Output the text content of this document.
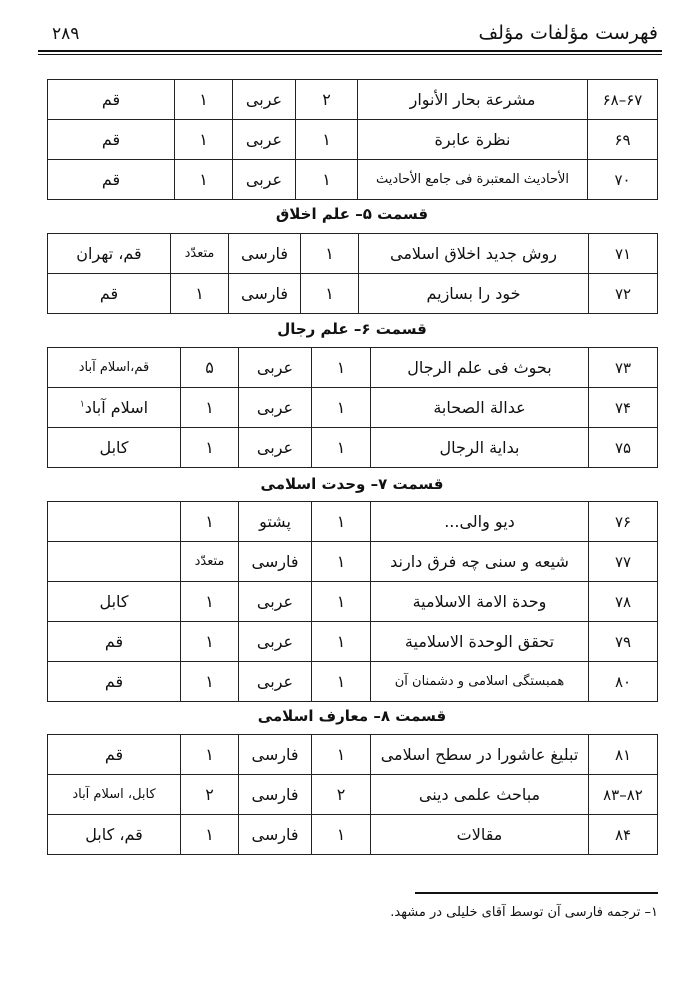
فهرست مؤلفات مؤلف
۲۸۹
۶۷–۶۸	مشرعة بحار الأنوار	۲	عربی	۱	قم
۶۹	نظرة عابرة	۱	عربی	۱	قم
۷۰	الأحاديث المعتبرة فی جامع الأحاديث	۱	عربی	۱	قم
قسمت ۵– علم اخلاق
۷۱	روش جدید اخلاق اسلامی	۱	فارسی	متعدّد	قم، تهران
۷۲	خود را بسازیم	۱	فارسی	۱	قم
قسمت ۶– علم رجال
۷۳	بحوث فی علم الرجال	۱	عربی	۵	قم،اسلام آباد
۷۴	عدالة الصحابة	۱	عربی	۱	اسلام آباد$^۱$
۷۵	بداية الرجال	۱	عربی	۱	کابل
قسمت ۷– وحدت اسلامی
۷۶	دیو والی...	۱	پشتو	۱	
۷۷	شیعه و سنی چه فرق دارند	۱	فارسی	متعدّد	
۷۸	وحدة الامة الاسلامية	۱	عربی	۱	کابل
۷۹	تحقق الوحدة الاسلامية	۱	عربی	۱	قم
۸۰	همبستگی اسلامی و دشمنان آن	۱	عربی	۱	قم
قسمت ۸– معارف اسلامی
۸۱	تبلیغ عاشورا در سطح اسلامی	۱	فارسی	۱	قم
۸۲–۸۳	مباحث علمی دینی	۲	فارسی	۲	کابل، اسلام آباد
۸۴	مقالات	۱	فارسی	۱	قم، کابل
۱– ترجمه فارسی آن توسط آقای خلیلی در مشهد.
